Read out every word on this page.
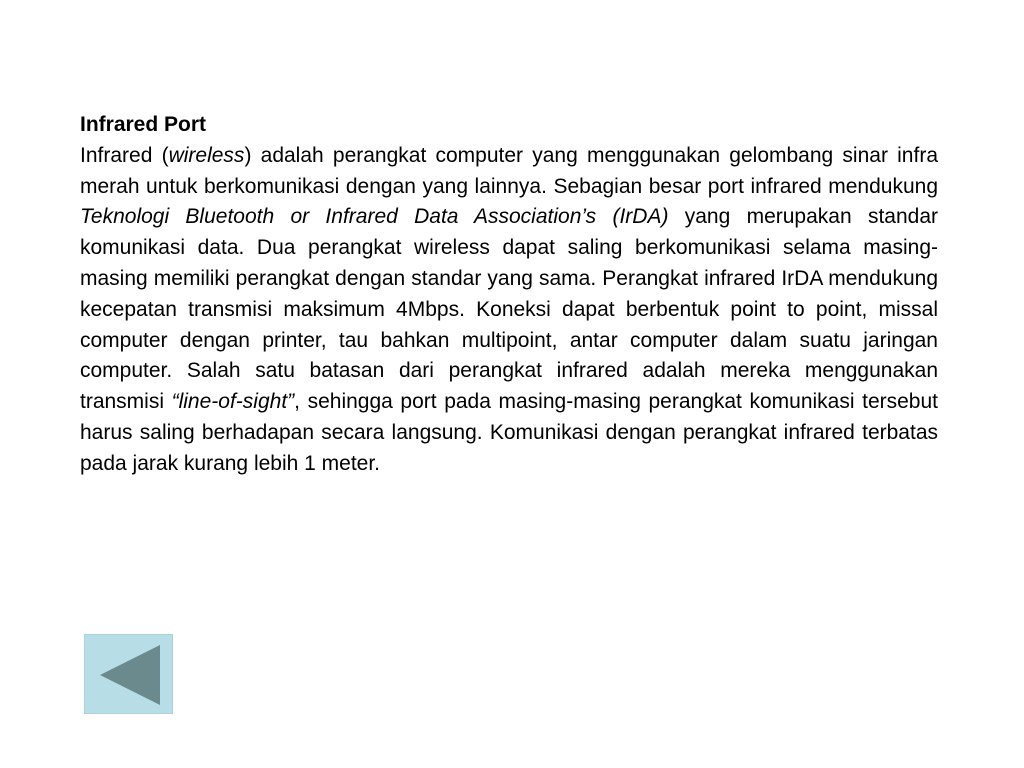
Infrared Port

Infrared (wireless) adalah perangkat computer yang menggunakan gelombang sinar infra merah untuk berkomunikasi dengan yang lainnya. Sebagian besar port infrared mendukung Teknologi Bluetooth or Infrared Data Association’s (IrDA) yang merupakan standar komunikasi data. Dua perangkat wireless dapat saling berkomunikasi selama masing-masing memiliki perangkat dengan standar yang sama. Perangkat infrared IrDA mendukung kecepatan transmisi maksimum 4Mbps. Koneksi dapat berbentuk point to point, missal computer dengan printer, tau bahkan multipoint, antar computer dalam suatu jaringan computer. Salah satu batasan dari perangkat infrared adalah mereka menggunakan transmisi “line-of-sight”, sehingga port pada masing-masing perangkat komunikasi tersebut harus saling berhadapan secara langsung. Komunikasi dengan perangkat infrared terbatas pada jarak kurang lebih 1 meter.
